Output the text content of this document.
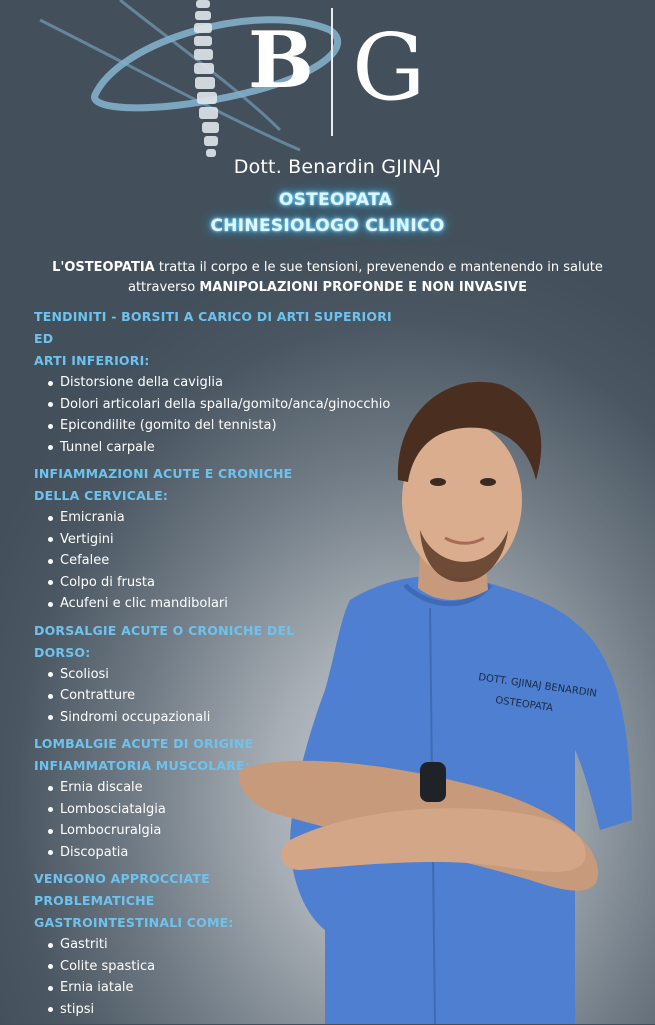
B G
Dott. Benardin GJINAJ
OSTEOPATA
CHINESIOLOGO CLINICO
L'OSTEOPATIA tratta il corpo e le sue tensioni, prevenendo e mantenendo in salute attraverso MANIPOLAZIONI PROFONDE E NON INVASIVE
TENDINITI - BORSITI A CARICO DI ARTI SUPERIORI ED
ARTI INFERIORI:
Distorsione della caviglia
Dolori articolari della spalla/gomito/anca/ginocchio
Epicondilite (gomito del tennista)
Tunnel carpale
INFIAMMAZIONI ACUTE E CRONICHE
DELLA CERVICALE:
Emicrania
Vertigini
Cefalee
Colpo di frusta
Acufeni e clic mandibolari
DORSALGIE ACUTE O CRONICHE DEL
DORSO:
Scoliosi
Contratture
Sindromi occupazionali
LOMBALGIE ACUTE DI ORIGINE
INFIAMMATORIA MUSCOLARE:
Ernia discale
Lombosciatalgia
Lombocruralgia
Discopatia
VENGONO APPROCCIATE
PROBLEMATICHE
GASTROINTESTINALI COME:
Gastriti
Colite spastica
Ernia iatale
stipsi
DOTT. GJINAJ BENARDIN
OSTEOPATA
